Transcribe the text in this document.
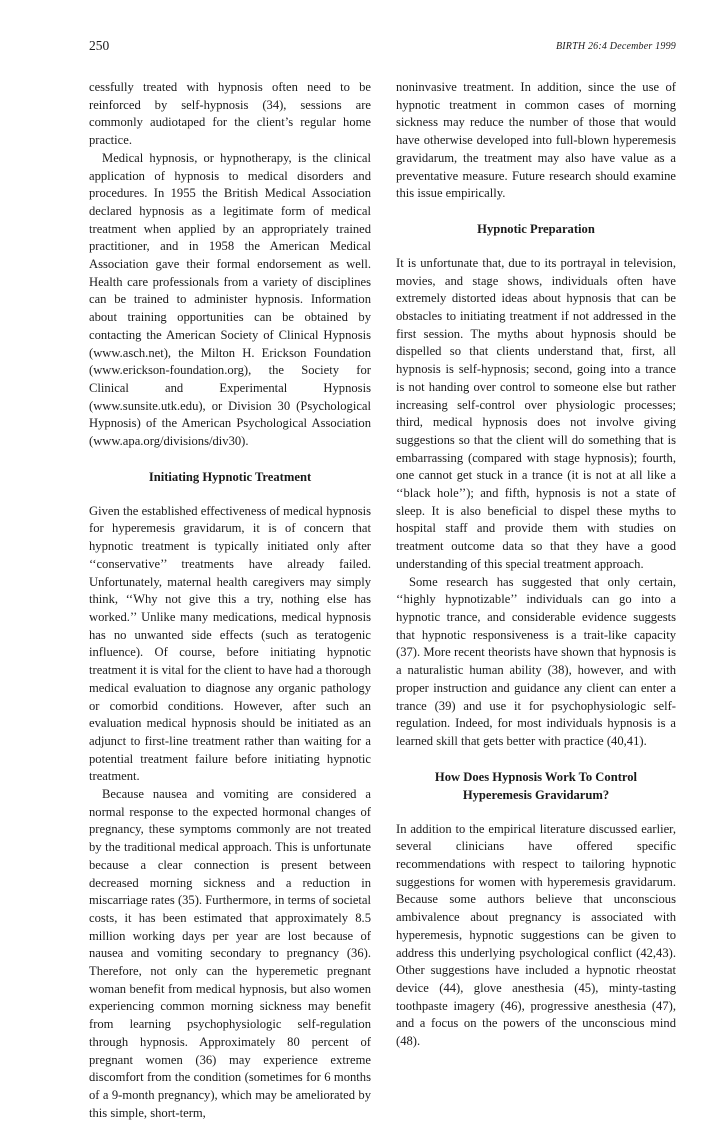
250	BIRTH 26:4 December 1999

cessfully treated with hypnosis often need to be reinforced by self-hypnosis (34), sessions are commonly audiotaped for the client’s regular home practice.

Medical hypnosis, or hypnotherapy, is the clinical application of hypnosis to medical disorders and procedures. In 1955 the British Medical Association declared hypnosis as a legitimate form of medical treatment when applied by an appropriately trained practitioner, and in 1958 the American Medical Association gave their formal endorsement as well. Health care professionals from a variety of disciplines can be trained to administer hypnosis. Information about training opportunities can be obtained by contacting the American Society of Clinical Hypnosis (www.asch.net), the Milton H. Erickson Foundation (www.erickson-foundation.org), the Society for Clinical and Experimental Hypnosis (www.sunsite.utk.edu), or Division 30 (Psychological Hypnosis) of the American Psychological Association (www.apa.org/divisions/div30).

Initiating Hypnotic Treatment

Given the established effectiveness of medical hypnosis for hyperemesis gravidarum, it is of concern that hypnotic treatment is typically initiated only after ‘‘conservative’’ treatments have already failed. Unfortunately, maternal health caregivers may simply think, ‘‘Why not give this a try, nothing else has worked.’’ Unlike many medications, medical hypnosis has no unwanted side effects (such as teratogenic influence). Of course, before initiating hypnotic treatment it is vital for the client to have had a thorough medical evaluation to diagnose any organic pathology or comorbid conditions. However, after such an evaluation medical hypnosis should be initiated as an adjunct to first-line treatment rather than waiting for a potential treatment failure before initiating hypnotic treatment.

Because nausea and vomiting are considered a normal response to the expected hormonal changes of pregnancy, these symptoms commonly are not treated by the traditional medical approach. This is unfortunate because a clear connection is present between decreased morning sickness and a reduction in miscarriage rates (35). Furthermore, in terms of societal costs, it has been estimated that approximately 8.5 million working days per year are lost because of nausea and vomiting secondary to pregnancy (36). Therefore, not only can the hyperemetic pregnant woman benefit from medical hypnosis, but also women experiencing common morning sickness may benefit from learning psychophysiologic self-regulation through hypnosis. Approximately 80 percent of pregnant women (36) may experience extreme discomfort from the condition (sometimes for 6 months of a 9-month pregnancy), which may be ameliorated by this simple, short-term,

noninvasive treatment. In addition, since the use of hypnotic treatment in common cases of morning sickness may reduce the number of those that would have otherwise developed into full-blown hyperemesis gravidarum, the treatment may also have value as a preventative measure. Future research should examine this issue empirically.

Hypnotic Preparation

It is unfortunate that, due to its portrayal in television, movies, and stage shows, individuals often have extremely distorted ideas about hypnosis that can be obstacles to initiating treatment if not addressed in the first session. The myths about hypnosis should be dispelled so that clients understand that, first, all hypnosis is self-hypnosis; second, going into a trance is not handing over control to someone else but rather increasing self-control over physiologic processes; third, medical hypnosis does not involve giving suggestions so that the client will do something that is embarrassing (compared with stage hypnosis); fourth, one cannot get stuck in a trance (it is not at all like a ‘‘black hole’’); and fifth, hypnosis is not a state of sleep. It is also beneficial to dispel these myths to hospital staff and provide them with studies on treatment outcome data so that they have a good understanding of this special treatment approach.

Some research has suggested that only certain, ‘‘highly hypnotizable’’ individuals can go into a hypnotic trance, and considerable evidence suggests that hypnotic responsiveness is a trait-like capacity (37). More recent theorists have shown that hypnosis is a naturalistic human ability (38), however, and with proper instruction and guidance any client can enter a trance (39) and use it for psychophysiologic self-regulation. Indeed, for most individuals hypnosis is a learned skill that gets better with practice (40,41).

How Does Hypnosis Work To Control
Hyperemesis Gravidarum?

In addition to the empirical literature discussed earlier, several clinicians have offered specific recommendations with respect to tailoring hypnotic suggestions for women with hyperemesis gravidarum. Because some authors believe that unconscious ambivalence about pregnancy is associated with hyperemesis, hypnotic suggestions can be given to address this underlying psychological conflict (42,43). Other suggestions have included a hypnotic rheostat device (44), glove anesthesia (45), minty-tasting toothpaste imagery (46), progressive anesthesia (47), and a focus on the powers of the unconscious mind (48).
